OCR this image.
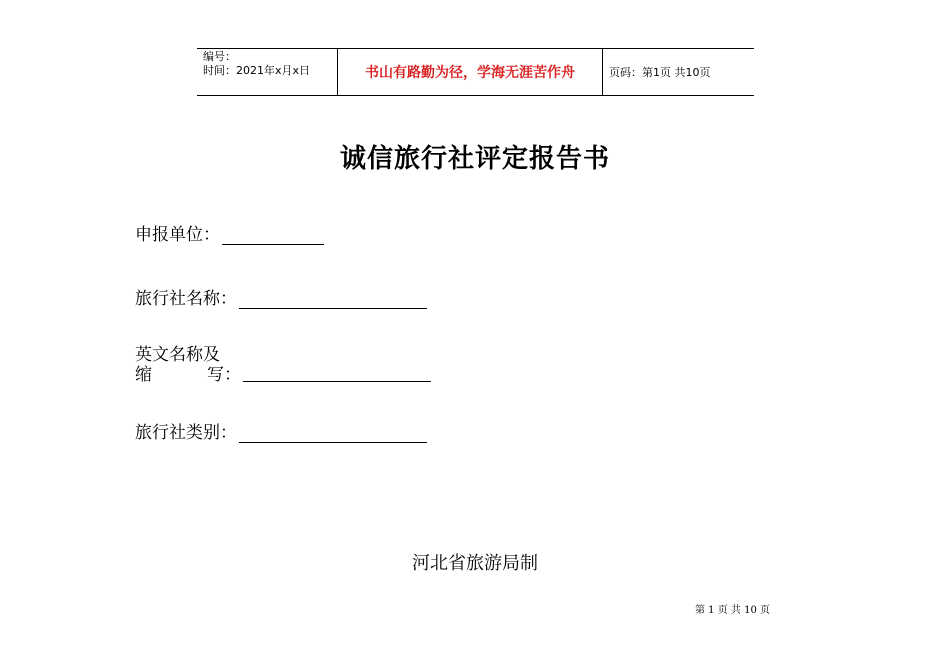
编号：
时间：2021年x月x日	书山有路勤为径，学海无涯苦作舟	页码：第1页 共10页
诚信旅行社评定报告书
申报单位：
旅行社名称：
英文名称及
缩	写：
旅行社类别：
河北省旅游局制
第 1 页 共 10 页
